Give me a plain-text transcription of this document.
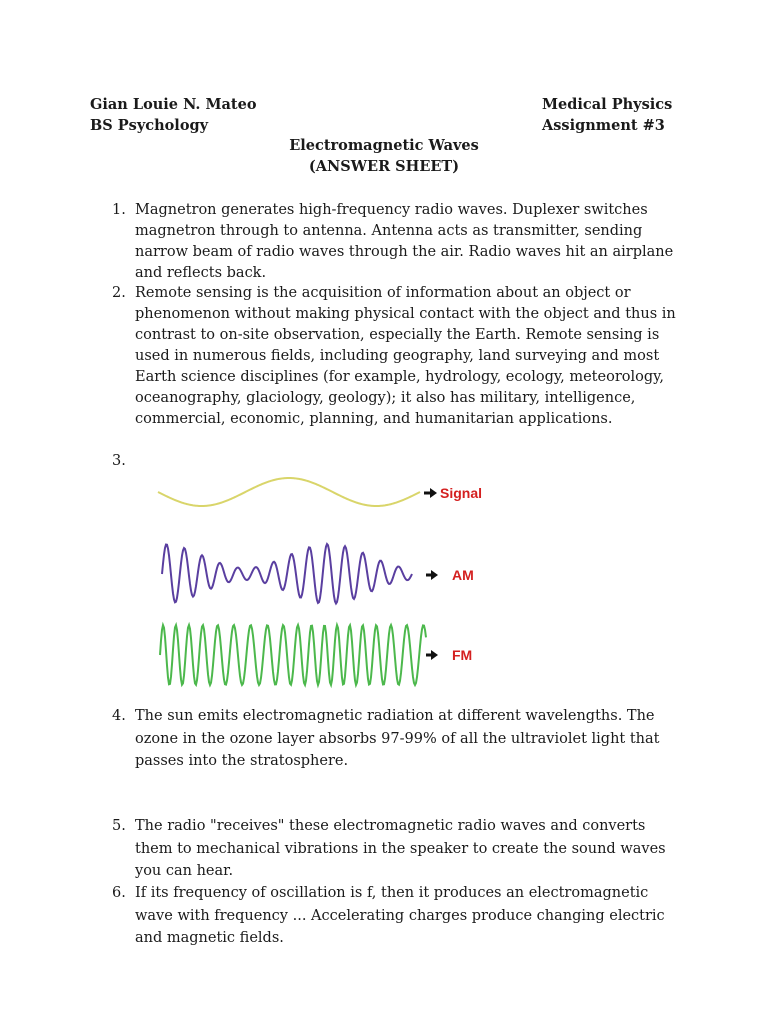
Gian Louie N. Mateo
BS Psychology
Medical Physics
Assignment #3
Electromagnetic Waves
(ANSWER SHEET)
1. Magnetron generates high-frequency radio waves. Duplexer switches magnetron through to antenna. Antenna acts as transmitter, sending narrow beam of radio waves through the air. Radio waves hit an airplane and reflects back.
2. Remote sensing is the acquisition of information about an object or phenomenon without making physical contact with the object and thus in contrast to on-site observation, especially the Earth. Remote sensing is used in numerous fields, including geography, land surveying and most Earth science disciplines (for example, hydrology, ecology, meteorology, oceanography, glaciology, geology); it also has military, intelligence, commercial, economic, planning, and humanitarian applications.
3.
Signal
AM
FM
4. The sun emits electromagnetic radiation at different wavelengths. The ozone in the ozone layer absorbs 97-99% of all the ultraviolet light that passes into the stratosphere.
5. The radio "receives" these electromagnetic radio waves and converts them to mechanical vibrations in the speaker to create the sound waves you can hear.
6. If its frequency of oscillation is f, then it produces an electromagnetic wave with frequency ... Accelerating charges produce changing electric and magnetic fields.
